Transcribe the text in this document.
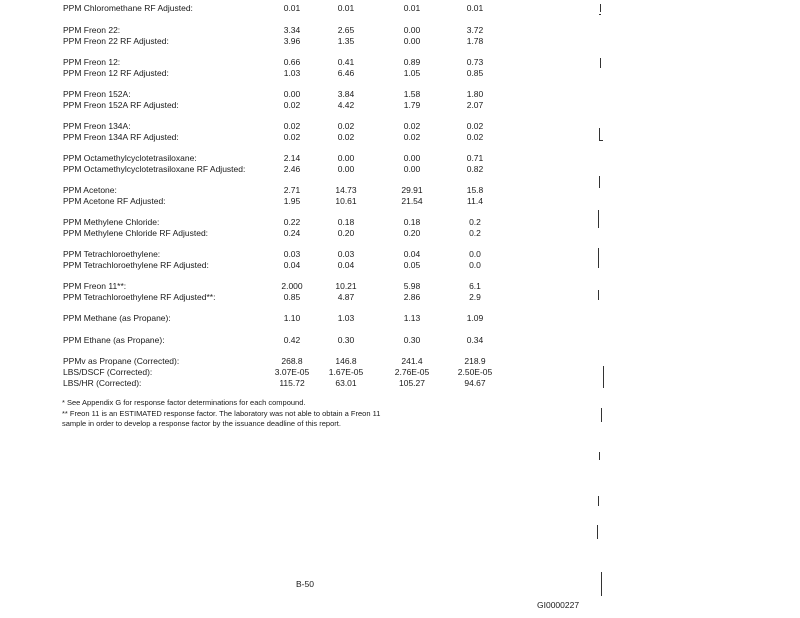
PPM Chloromethane RF Adjusted:	0.01	0.01	0.01	0.01
PPM Freon 22:	3.34	2.65	0.00	3.72
PPM Freon 22 RF Adjusted:	3.96	1.35	0.00	1.78
PPM Freon 12:	0.66	0.41	0.89	0.73
PPM Freon 12 RF Adjusted:	1.03	6.46	1.05	0.85
PPM Freon 152A:	0.00	3.84	1.58	1.80
PPM Freon 152A RF Adjusted:	0.02	4.42	1.79	2.07
PPM Freon 134A:	0.02	0.02	0.02	0.02
PPM Freon 134A RF Adjusted:	0.02	0.02	0.02	0.02
PPM Octamethylcyclotetrasiloxane:	2.14	0.00	0.00	0.71
PPM Octamethylcyclotetrasiloxane RF Adjusted:	2.46	0.00	0.00	0.82
PPM Acetone:	2.71	14.73	29.91	15.8
PPM Acetone RF Adjusted:	1.95	10.61	21.54	11.4
PPM Methylene Chloride:	0.22	0.18	0.18	0.2
PPM Methylene Chloride RF Adjusted:	0.24	0.20	0.20	0.2
PPM Tetrachloroethylene:	0.03	0.03	0.04	0.0
PPM Tetrachloroethylene RF Adjusted:	0.04	0.04	0.05	0.0
PPM Freon 11**:	2.000	10.21	5.98	6.1
PPM Tetrachloroethylene RF Adjusted**:	0.85	4.87	2.86	2.9
PPM Methane (as Propane):	1.10	1.03	1.13	1.09
PPM Ethane (as Propane):	0.42	0.30	0.30	0.34
PPMv as Propane (Corrected):	268.8	146.8	241.4	218.9
LBS/DSCF (Corrected):	3.07E-05	1.67E-05	2.76E-05	2.50E-05
LBS/HR (Corrected):	115.72	63.01	105.27	94.67
* See Appendix G for response factor determinations for each compound.
** Freon 11 is an ESTIMATED response factor. The laboratory was not able to obtain a Freon 11
sample in order to develop a response factor by the issuance deadline of this report.
B-50
GI0000227
